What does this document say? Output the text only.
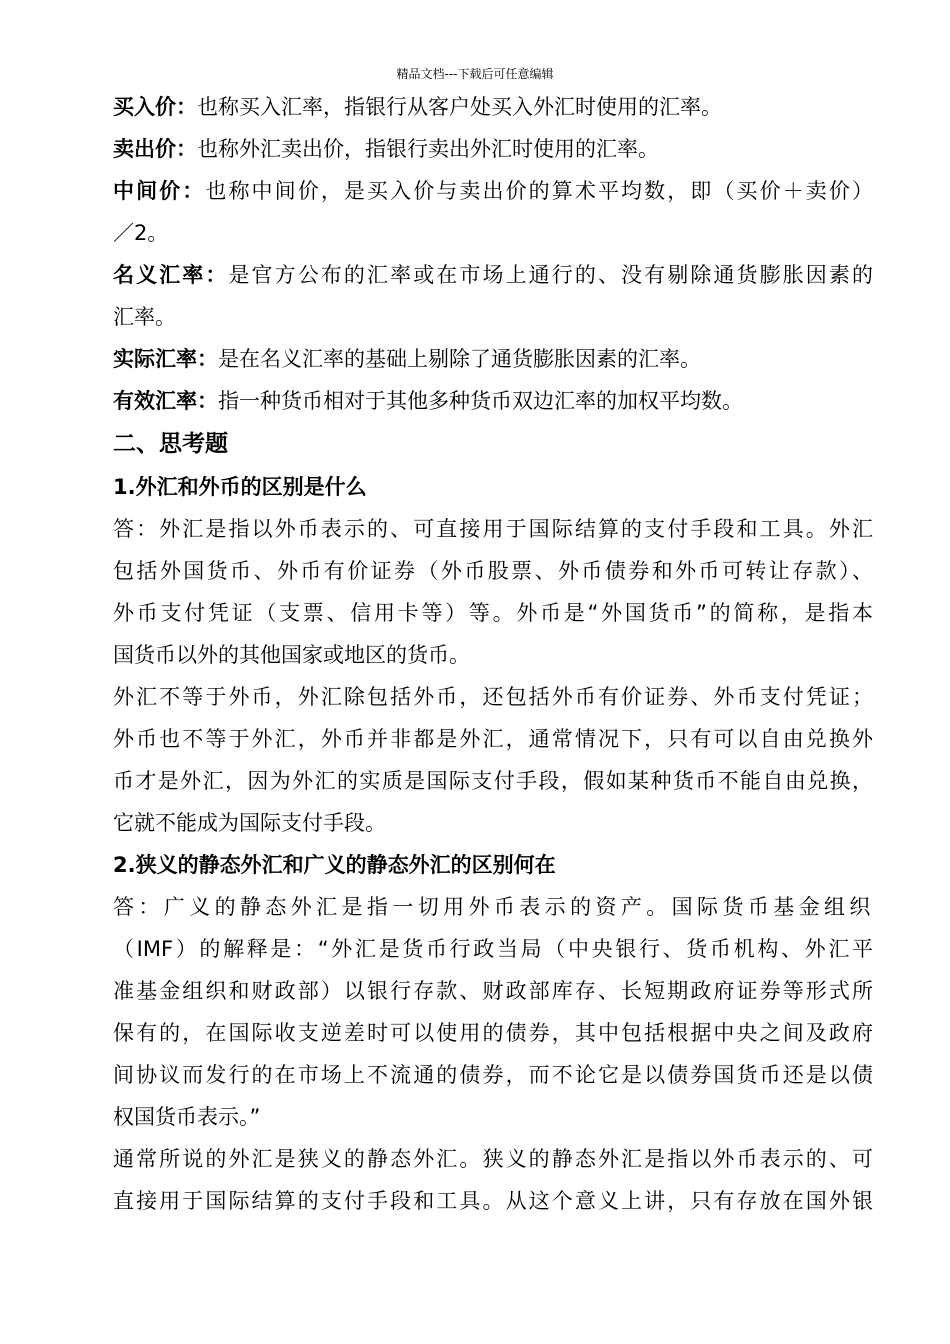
精品文档---下载后可任意编辑
买入价：也称买入汇率，指银行从客户处买入外汇时使用的汇率。
卖出价：也称外汇卖出价，指银行卖出外汇时使用的汇率。
中间价：也称中间价，是买入价与卖出价的算术平均数，即（买价＋卖价）
／2。
名义汇率：是官方公布的汇率或在市场上通行的、没有剔除通货膨胀因素的
汇率。
实际汇率：是在名义汇率的基础上剔除了通货膨胀因素的汇率。
有效汇率：指一种货币相对于其他多种货币双边汇率的加权平均数。
二、思考题
1.外汇和外币的区别是什么
答：外汇是指以外币表示的、可直接用于国际结算的支付手段和工具。外汇
包括外国货币、外币有价证券（外币股票、外币债券和外币可转让存款）、
外币支付凭证（支票、信用卡等）等。外币是“外国货币”的简称，是指本
国货币以外的其他国家或地区的货币。
外汇不等于外币，外汇除包括外币，还包括外币有价证券、外币支付凭证；
外币也不等于外汇，外币并非都是外汇，通常情况下，只有可以自由兑换外
币才是外汇，因为外汇的实质是国际支付手段，假如某种货币不能自由兑换，
它就不能成为国际支付手段。
2.狭义的静态外汇和广义的静态外汇的区别何在
答：广义的静态外汇是指一切用外币表示的资产。国际货币基金组织
（IMF）的解释是：“外汇是货币行政当局（中央银行、货币机构、外汇平
准基金组织和财政部）以银行存款、财政部库存、长短期政府证券等形式所
保有的，在国际收支逆差时可以使用的债券，其中包括根据中央之间及政府
间协议而发行的在市场上不流通的债券，而不论它是以债券国货币还是以债
权国货币表示。”
通常所说的外汇是狭义的静态外汇。狭义的静态外汇是指以外币表示的、可
直接用于国际结算的支付手段和工具。从这个意义上讲，只有存放在国外银
